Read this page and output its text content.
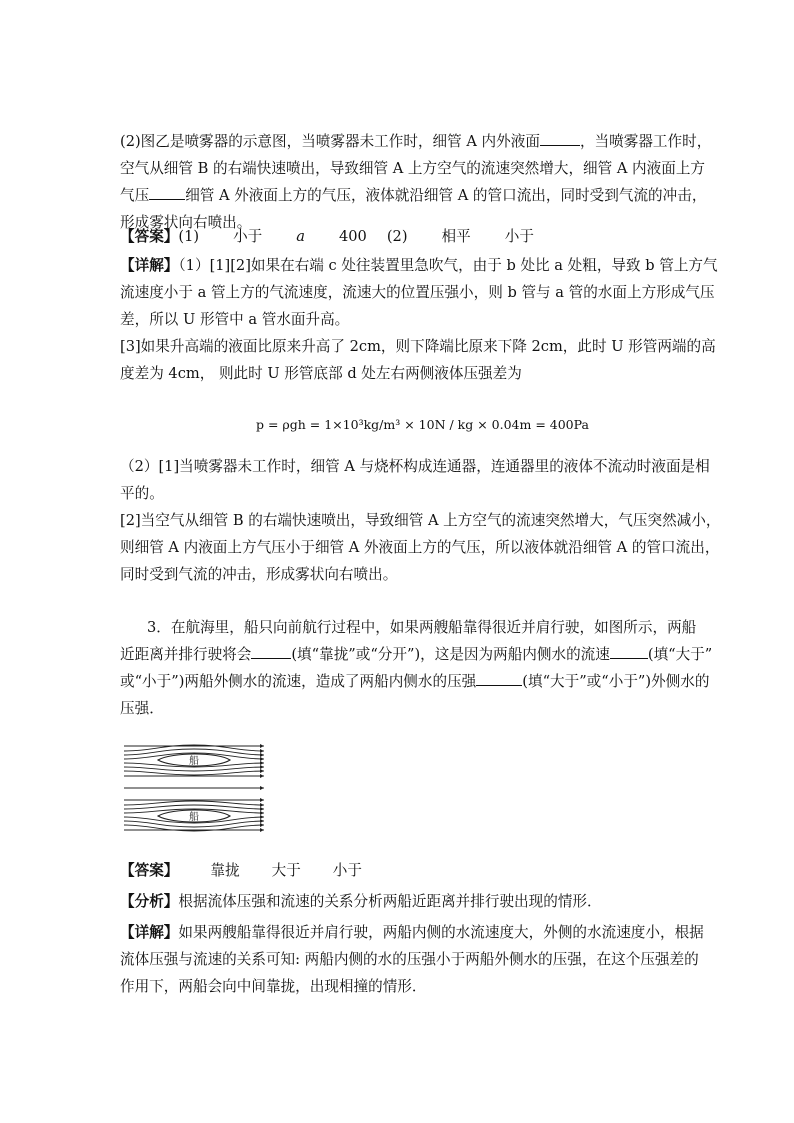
(2)图乙是喷雾器的示意图，当喷雾器未工作时，细管 A 内外液面	，当喷雾器工作时，
空气从细管 B 的右端快速喷出，导致细管 A 上方空气的流速突然增大，细管 A 内液面上方
气压 细管 A 外液面上方的气压，液体就沿细管 A 的管口流出，同时受到气流的冲击，
形成雾状向右喷出。
【答案】(1) 小于 a 400 (2) 相平 小于
【详解】（1）[1][2]如果在右端 c 处往装置里急吹气，由于 b 处比 a 处粗，导致 b 管上方气
流速度小于 a 管上方的气流速度，流速大的位置压强小，则 b 管与 a 管的水面上方形成气压
差，所以 U 形管中 a 管水面升高。
[3]如果升高端的液面比原来升高了 2cm，则下降端比原来下降 2cm，此时 U 形管两端的高
度差为 4cm， 则此时 U 形管底部 d 处左右两侧液体压强差为
p = ρgh = 1×10³kg/m³ × 10N / kg × 0.04m = 400Pa
（2）[1]当喷雾器未工作时，细管 A 与烧杯构成连通器，连通器里的液体不流动时液面是相
平的。
[2]当空气从细管 B 的右端快速喷出，导致细管 A 上方空气的流速突然增大，气压突然减小，
则细管 A 内液面上方气压小于细管 A 外液面上方的气压，所以液体就沿细管 A 的管口流出，
同时受到气流的冲击，形成雾状向右喷出。
3．在航海里，船只向前航行过程中，如果两艘船靠得很近并肩行驶，如图所示，两船
近距离并排行驶将会	(填“靠拢”或“分开”)，这是因为两船内侧水的流速	(填“大于”
或“小于”)两船外侧水的流速，造成了两船内侧水的压强	(填“大于”或“小于”)外侧水的
压强．
船
船
【答案】 靠拢 大于 小于
【分析】根据流体压强和流速的关系分析两船近距离并排行驶出现的情形．
【详解】如果两艘船靠得很近并肩行驶，两船内侧的水流速度大，外侧的水流速度小，根据
流体压强与流速的关系可知: 两船内侧的水的压强小于两船外侧水的压强，在这个压强差的
作用下，两船会向中间靠拢，出现相撞的情形．
